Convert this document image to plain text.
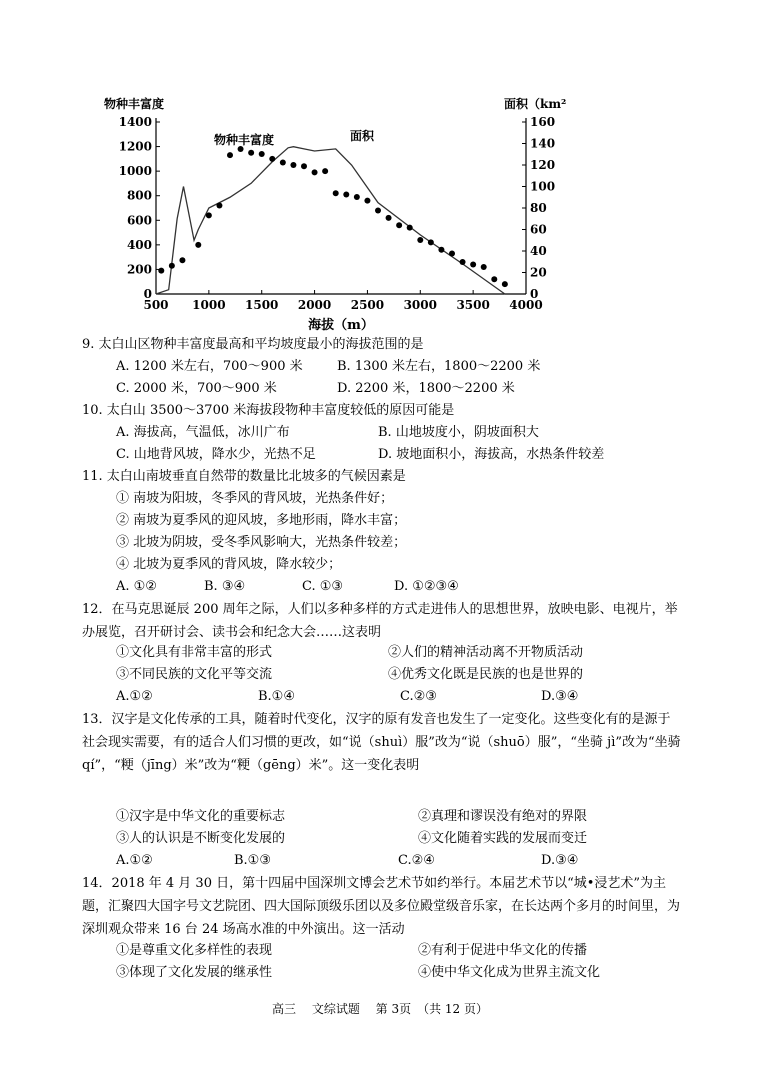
0
200
400
600
800
1000
1200
1400
0
20
40
60
80
100
120
140
160
500 1000 1500 2000 2500 3000 3500 4000
物种丰富度	面积（km²
海拔（m）
物种丰富度	面积
9. 太白山区物种丰富度最高和平均坡度最小的海拔范围的是
A. 1200 米左右，700～900 米	B. 1300 米左右，1800～2200 米
C. 2000 米，700～900 米	D. 2200 米，1800～2200 米
10. 太白山 3500～3700 米海拔段物种丰富度较低的原因可能是
A. 海拔高，气温低，冰川广布	B. 山地坡度小，阴坡面积大
C. 山地背风坡，降水少，光热不足	D. 坡地面积小，海拔高，水热条件较差
11. 太白山南坡垂直自然带的数量比北坡多的气候因素是
① 南坡为阳坡，冬季风的背风坡，光热条件好；
② 南坡为夏季风的迎风坡，多地形雨，降水丰富；
③ 北坡为阴坡，受冬季风影响大，光热条件较差；
④ 北坡为夏季风的背风坡，降水较少；
A. ①②	B. ③④	C. ①③	D. ①②③④
12．在马克思诞辰 200 周年之际，人们以多种多样的方式走进伟人的思想世界，放映电影、电视片，举办展览，召开研讨会、读书会和纪念大会……这表明
①文化具有非常丰富的形式	②人们的精神活动离不开物质活动
③不同民族的文化平等交流	④优秀文化既是民族的也是世界的
A.①②	B.①④	C.②③	D.③④
13．汉字是文化传承的工具，随着时代变化，汉字的原有发音也发生了一定变化。这些变化有的是源于社会现实需要，有的适合人们习惯的更改，如“说（shuì）服”改为“说（shuō）服”，“坐骑 jì”改为“坐骑 qí”，“粳（jīng）米”改为“粳（gēng）米”。这一变化表明
①汉字是中华文化的重要标志	②真理和谬误没有绝对的界限
③人的认识是不断变化发展的	④文化随着实践的发展而变迁
A.①②	B.①③	C.②④	D.③④
14．2018 年 4 月 30 日，第十四届中国深圳文博会艺术节如约举行。本届艺术节以“城•浸艺术”为主题，汇聚四大国字号文艺院团、四大国际顶级乐团以及多位殿堂级音乐家，在长达两个多月的时间里，为深圳观众带来 16 台 24 场高水准的中外演出。这一活动
①是尊重文化多样性的表现	②有利于促进中华文化的传播
③体现了文化发展的继承性	④使中华文化成为世界主流文化
高三　 文综试题　 第 3页　（共 12 页）
